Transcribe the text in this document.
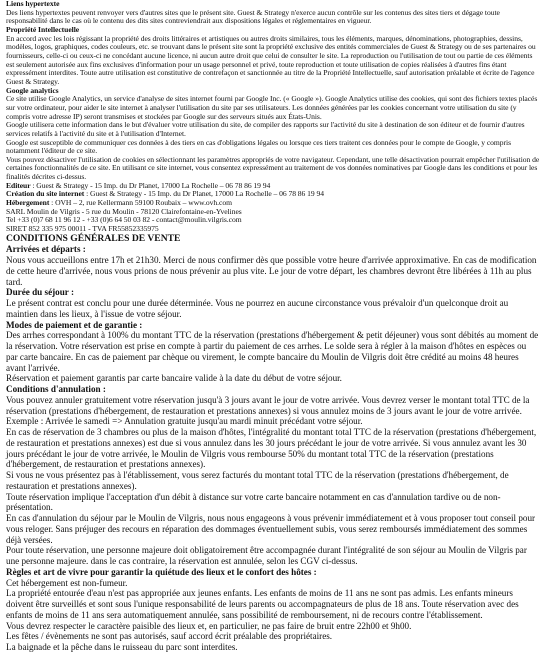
Liens hypertexte

Des liens hypertextes peuvent renvoyer vers d'autres sites que le présent site. Guest & Strategy n'exerce aucun contrôle sur les contenus des sites tiers et dégage toute responsabilité dans le cas où le contenu des dits sites contreviendrait aux dispositions légales et réglementaires en vigueur.

Propriété Intellectuelle

En accord avec les lois régissant la propriété des droits littéraires et artistiques ou autres droits similaires, tous les éléments, marques, dénominations, photographies, dessins, modèles, logos, graphiques, codes couleurs, etc. se trouvant dans le présent site sont la propriété exclusive des entités commerciales de Guest & Strategy ou de ses partenaires ou fournisseurs, celle-ci ou ceux-ci ne concédant aucune licence, ni aucun autre droit que celui de consulter le site. La reproduction ou l'utilisation de tout ou partie de ces éléments est seulement autorisée aux fins exclusives d'information pour un usage personnel et privé, toute reproduction et toute utilisation de copies réalisées à d'autres fins étant expressément interdites. Toute autre utilisation est constitutive de contrefaçon et sanctionnée au titre de la Propriété Intellectuelle, sauf autorisation préalable et écrite de l'agence Guest & Strategy.

Google analytics

Ce site utilise Google Analytics, un service d'analyse de sites internet fourni par Google Inc. (« Google »). Google Analytics utilise des cookies, qui sont des fichiers textes placés sur votre ordinateur, pour aider le site internet à analyser l'utilisation du site par ses utilisateurs. Les données générées par les cookies concernant votre utilisation du site (y compris votre adresse IP) seront transmises et stockées par Google sur des serveurs situés aux États-Unis.

Google utilisera cette information dans le but d'évaluer votre utilisation du site, de compiler des rapports sur l'activité du site à destination de son éditeur et de fournir d'autres services relatifs à l'activité du site et à l'utilisation d'Internet.

Google est susceptible de communiquer ces données à des tiers en cas d'obligations légales ou lorsque ces tiers traitent ces données pour le compte de Google, y compris notamment l'éditeur de ce site.

Vous pouvez désactiver l'utilisation de cookies en sélectionnant les paramètres appropriés de votre navigateur. Cependant, une telle désactivation pourrait empêcher l'utilisation de certaines fonctionnalités de ce site. En utilisant ce site internet, vous consentez expressément au traitement de vos données nominatives par Google dans les conditions et pour les finalités décrites ci-dessus.

Editeur : Guest & Strategy - 15 Imp. du Dr Planet, 17000 La Rochelle – 06 78 86 19 94

Création du site internet : Guest & Strategy - 15 Imp. du Dr Planet, 17000 La Rochelle – 06 78 86 19 94

Hébergement : OVH – 2, rue Kellermann 59100 Roubaix – www.ovh.com

SARL Moulin de Vilgris - 5 rue du Moulin - 78120 Clairefontaine-en-Yvelines

Tel +33 (0)7 68 11 96 12 - +33 (0)6 64 50 03 82 - contact@moulin.vilgris.com

SIRET 852 335 975 00011 - TVA FR55852335975

CONDITIONS GÉNÉRALES DE VENTE

Arrivées et départs :

Nous vous accueillons entre 17h et 21h30. Merci de nous confirmer dès que possible votre heure d'arrivée approximative. En cas de modification de cette heure d'arrivée, nous vous prions de nous prévenir au plus vite. Le jour de votre départ, les chambres devront être libérées à 11h au plus tard.

Durée du séjour :

Le présent contrat est conclu pour une durée déterminée. Vous ne pourrez en aucune circonstance vous prévaloir d'un quelconque droit au maintien dans les lieux, à l'issue de votre séjour.

Modes de paiement et de garantie :

Des arrhes correspondant à 100% du montant TTC de la réservation (prestations d'hébergement & petit déjeuner) vous sont débités au moment de la réservation. Votre réservation est prise en compte à partir du paiement de ces arrhes. Le solde sera à régler à la maison d'hôtes en espèces ou par carte bancaire. En cas de paiement par chèque ou virement, le compte bancaire du Moulin de Vilgris doit être crédité au moins 48 heures avant l'arrivée.

Réservation et paiement garantis par carte bancaire valide à la date du début de votre séjour.

Conditions d'annulation :

Vous pouvez annuler gratuitement votre réservation jusqu'à 3 jours avant le jour de votre arrivée. Vous devrez verser le montant total TTC de la réservation (prestations d'hébergement, de restauration et prestations annexes) si vous annulez moins de 3 jours avant le jour de votre arrivée.

Exemple : Arrivée le samedi => Annulation gratuite jusqu'au mardi minuit précédant votre séjour.

En cas de réservation de 3 chambres ou plus de la maison d'hôtes, l'intégralité du montant total TTC de la réservation (prestations d'hébergement, de restauration et prestations annexes) est due si vous annulez dans les 30 jours précédant le jour de votre arrivée. Si vous annulez avant les 30 jours précédant le jour de votre arrivée, le Moulin de Vilgris vous rembourse 50% du montant total TTC de la réservation (prestations d'hébergement, de restauration et prestations annexes).

Si vous ne vous présentez pas à l'établissement, vous serez facturés du montant total TTC de la réservation (prestations d'hébergement, de restauration et prestations annexes).

Toute réservation implique l'acceptation d'un débit à distance sur votre carte bancaire notamment en cas d'annulation tardive ou de non-présentation.

En cas d'annulation du séjour par le Moulin de Vilgris, nous nous engageons à vous prévenir immédiatement et à vous proposer tout conseil pour vous reloger. Sans préjuger des recours en réparation des dommages éventuellement subis, vous serez remboursés immédiatement des sommes déjà versées.

Pour toute réservation, une personne majeure doit obligatoirement être accompagnée durant l'intégralité de son séjour au Moulin de Vilgris par une personne majeure. dans le cas contraire, la réservation est annulée, selon les CGV ci-dessus.

Règles et art de vivre pour garantir la quiétude des lieux et le confort des hôtes :

Cet hébergement est non-fumeur.

La propriété entourée d'eau n'est pas appropriée aux jeunes enfants. Les enfants de moins de 11 ans ne sont pas admis. Les enfants mineurs doivent être surveillés et sont sous l'unique responsabilité de leurs parents ou accompagnateurs de plus de 18 ans. Toute réservation avec des enfants de moins de 11 ans sera automatiquement annulée, sans possibilité de remboursement, ni de recours contre l'établissement.

Vous devrez respecter le caractère paisible des lieux et, en particulier, ne pas faire de bruit entre 22h00 et 9h00.

Les fêtes / évènements ne sont pas autorisés, sauf accord écrit préalable des propriétaires.

La baignade et la pêche dans le ruisseau du parc sont interdites.
